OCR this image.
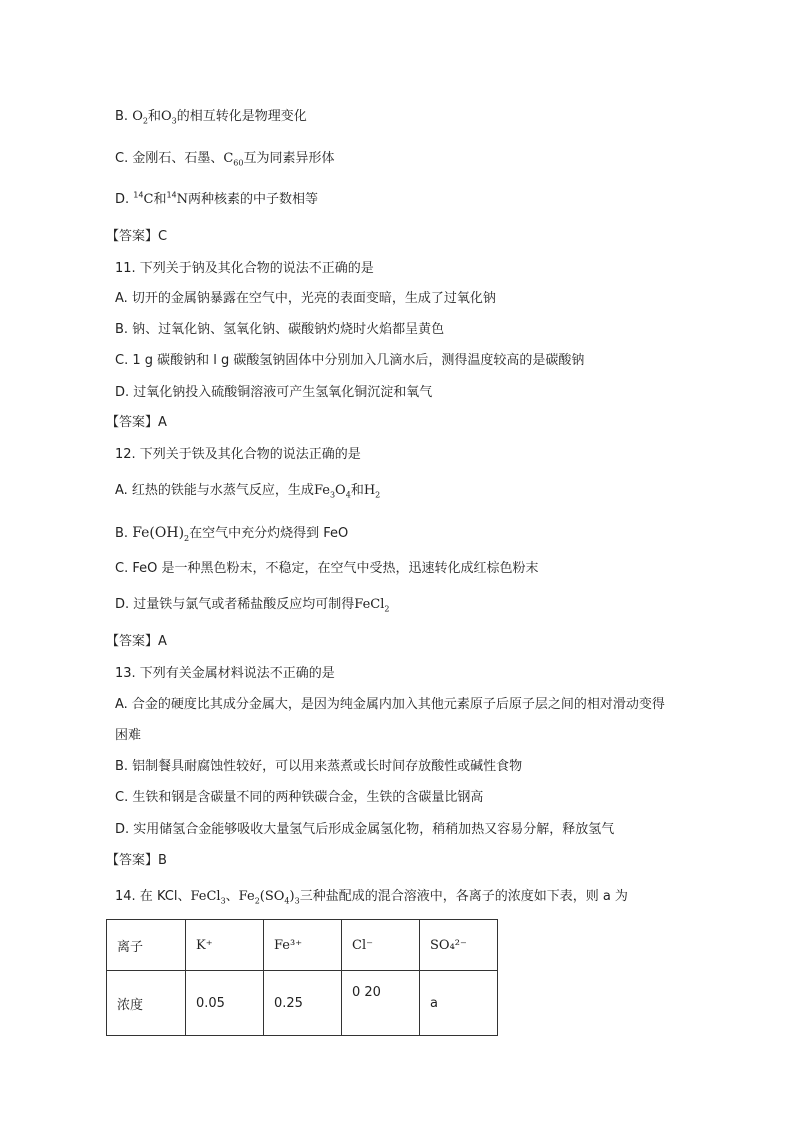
B. $O_2$和$O_3$的相互转化是物理变化
C. 金刚石、石墨、$C_{60}$互为同素异形体
D. $^{14}$C和$^{14}$N两种核素的中子数相等
【答案】C
11. 下列关于钠及其化合物的说法不正确的是
A. 切开的金属钠暴露在空气中，光亮的表面变暗，生成了过氧化钠
B. 钠、过氧化钠、氢氧化钠、碳酸钠灼烧时火焰都呈黄色
C. 1 g 碳酸钠和 l g 碳酸氢钠固体中分别加入几滴水后，测得温度较高的是碳酸钠
D. 过氧化钠投入硫酸铜溶液可产生氢氧化铜沉淀和氧气
【答案】A
12. 下列关于铁及其化合物的说法正确的是
A. 红热的铁能与水蒸气反应，生成$Fe_3O_4$和$H_2$
B. $Fe(OH)_2$在空气中充分灼烧得到 FeO
C. FeO 是一种黑色粉末，不稳定，在空气中受热，迅速转化成红棕色粉末
D. 过量铁与氯气或者稀盐酸反应均可制得FeCl$_2$
【答案】A
13. 下列有关金属材料说法不正确的是
A. 合金的硬度比其成分金属大，是因为纯金属内加入其他元素原子后原子层之间的相对滑动变得
困难
B. 铝制餐具耐腐蚀性较好，可以用来蒸煮或长时间存放酸性或碱性食物
C. 生铁和钢是含碳量不同的两种铁碳合金，生铁的含碳量比钢高
D. 实用储氢合金能够吸收大量氢气后形成金属氢化物，稍稍加热又容易分解，释放氢气
【答案】B
14. 在 KCl、FeCl$_3$、$Fe_2(SO_4)_3$三种盐配成的混合溶液中，各离子的浓度如下表，则 a 为
离子	K⁺	Fe³⁺	Cl⁻	SO₄²⁻
浓度	0.05	0.25	0 20	a
